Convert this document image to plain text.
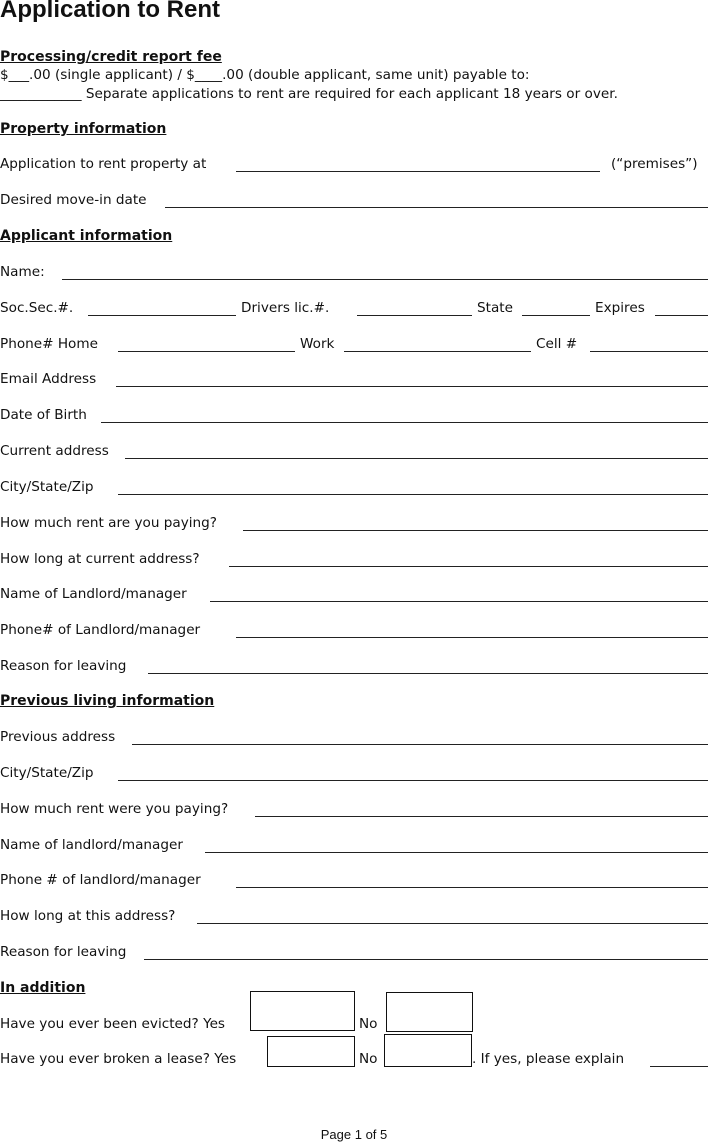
Application to Rent
Processing/credit report fee
$___.00 (single applicant) / $____.00 (double applicant, same unit) payable to:
____________ Separate applications to rent are required for each applicant 18 years or over.
Property information
Application to rent property at	(“premises”)
Desired move-in date
Applicant information
Name:
Soc.Sec.#.	Drivers lic.#.	State	Expires
Phone# Home	Work	Cell #
Email Address
Date of Birth
Current address
City/State/Zip
How much rent are you paying?
How long at current address?
Name of Landlord/manager
Phone# of Landlord/manager
Reason for leaving
Previous living information
Previous address
City/State/Zip
How much rent were you paying?
Name of landlord/manager
Phone # of landlord/manager
How long at this address?
Reason for leaving
In addition
Have you ever been evicted? Yes	No
Have you ever broken a lease? Yes	No	. If yes, please explain
Page 1 of 5
